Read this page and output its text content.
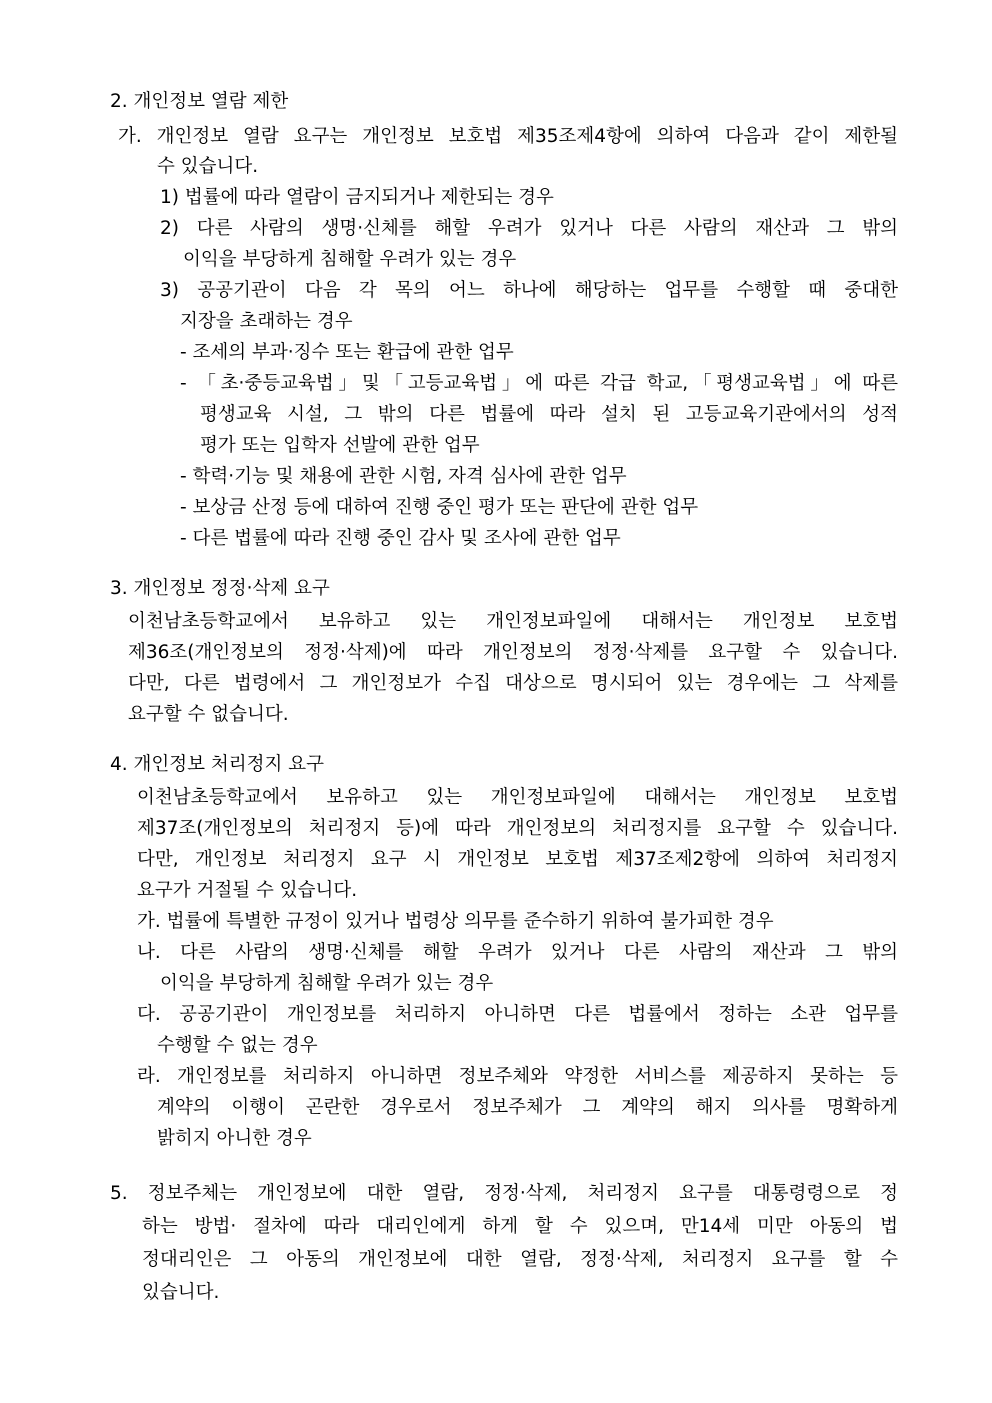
2. 개인정보 열람 제한
가. 개인정보 열람 요구는 개인정보 보호법 제35조제4항에 의하여 다음과 같이 제한될
수 있습니다.
1) 법률에 따라 열람이 금지되거나 제한되는 경우
2) 다른 사람의 생명·신체를 해할 우려가 있거나 다른 사람의 재산과 그 밖의
이익을 부당하게 침해할 우려가 있는 경우
3) 공공기관이 다음 각 목의 어느 하나에 해당하는 업무를 수행할 때 중대한
지장을 초래하는 경우
- 조세의 부과·징수 또는 환급에 관한 업무
- 「초·중등교육법」및「고등교육법」에 따른 각급 학교,「평생교육법」에 따른
평생교육 시설, 그 밖의 다른 법률에 따라 설치 된 고등교육기관에서의 성적
평가 또는 입학자 선발에 관한 업무
- 학력·기능 및 채용에 관한 시험, 자격 심사에 관한 업무
- 보상금 산정 등에 대하여 진행 중인 평가 또는 판단에 관한 업무
- 다른 법률에 따라 진행 중인 감사 및 조사에 관한 업무
3. 개인정보 정정·삭제 요구
이천남초등학교에서 보유하고 있는 개인정보파일에 대해서는 개인정보 보호법
제36조(개인정보의 정정·삭제)에 따라 개인정보의 정정·삭제를 요구할 수 있습니다.
다만, 다른 법령에서 그 개인정보가 수집 대상으로 명시되어 있는 경우에는 그 삭제를
요구할 수 없습니다.
4. 개인정보 처리정지 요구
이천남초등학교에서 보유하고 있는 개인정보파일에 대해서는 개인정보 보호법
제37조(개인정보의 처리정지 등)에 따라 개인정보의 처리정지를 요구할 수 있습니다.
다만, 개인정보 처리정지 요구 시 개인정보 보호법 제37조제2항에 의하여 처리정지
요구가 거절될 수 있습니다.
가. 법률에 특별한 규정이 있거나 법령상 의무를 준수하기 위하여 불가피한 경우
나. 다른 사람의 생명·신체를 해할 우려가 있거나 다른 사람의 재산과 그 밖의
이익을 부당하게 침해할 우려가 있는 경우
다. 공공기관이 개인정보를 처리하지 아니하면 다른 법률에서 정하는 소관 업무를
수행할 수 없는 경우
라. 개인정보를 처리하지 아니하면 정보주체와 약정한 서비스를 제공하지 못하는 등
계약의 이행이 곤란한 경우로서 정보주체가 그 계약의 해지 의사를 명확하게
밝히지 아니한 경우
5. 정보주체는 개인정보에 대한 열람, 정정·삭제, 처리정지 요구를 대통령령으로 정
하는 방법· 절차에 따라 대리인에게 하게 할 수 있으며, 만14세 미만 아동의 법
정대리인은 그 아동의 개인정보에 대한 열람, 정정·삭제, 처리정지 요구를 할 수
있습니다.
